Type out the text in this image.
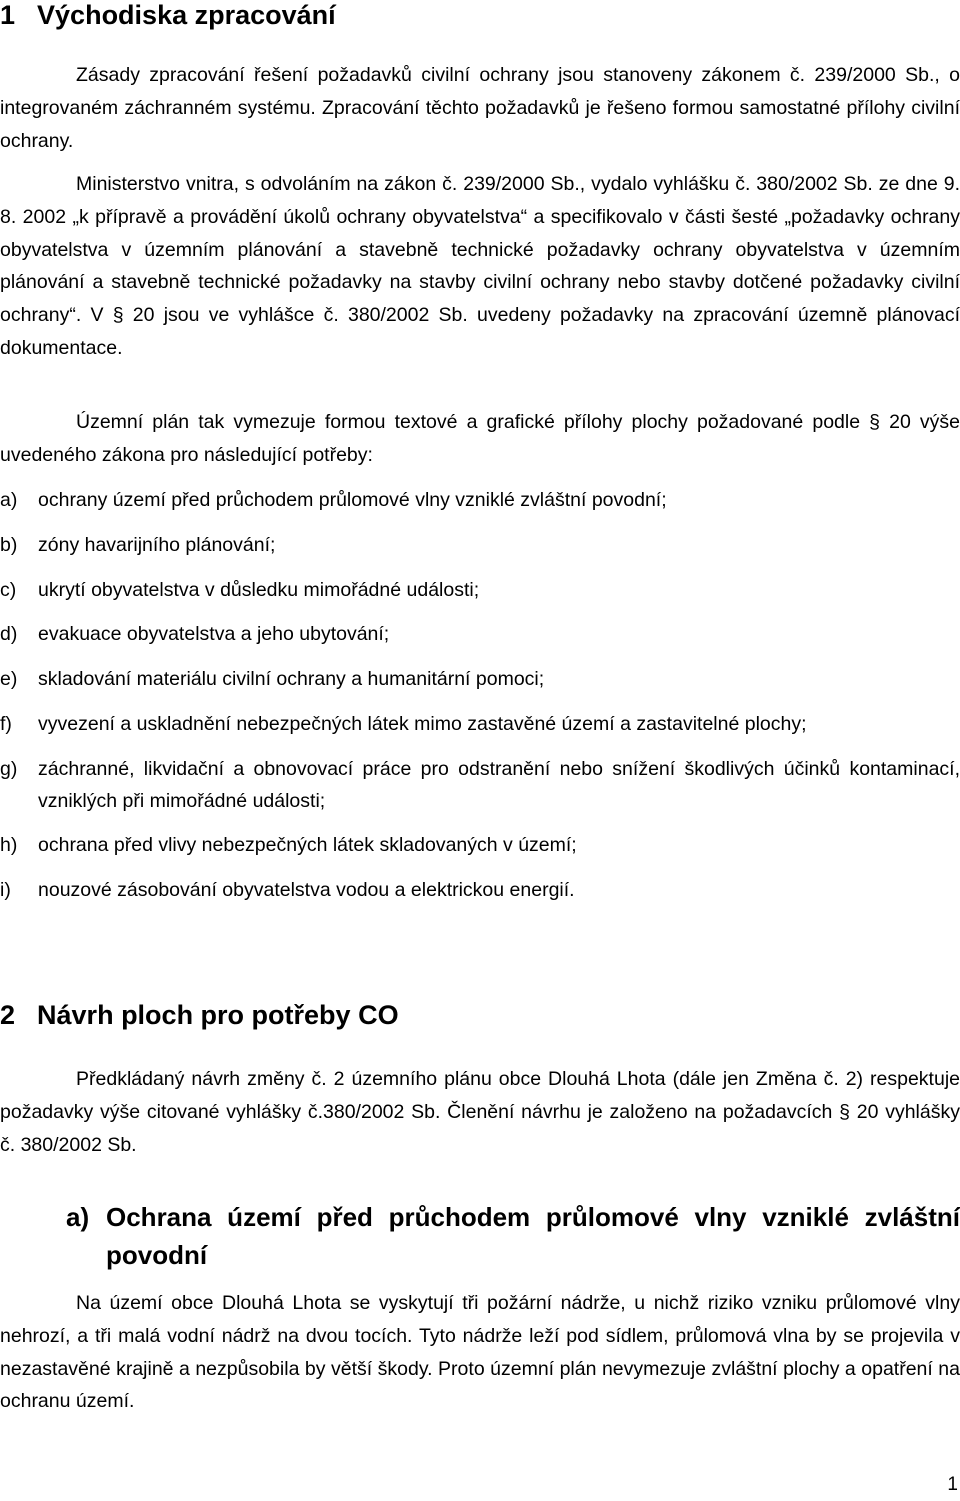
1 Východiska zpracování
Zásady zpracování řešení požadavků civilní ochrany jsou stanoveny zákonem č. 239/2000 Sb., o integrovaném záchranném systému. Zpracování těchto požadavků je řešeno formou samostatné přílohy civilní ochrany.
Ministerstvo vnitra, s odvoláním na zákon č. 239/2000 Sb., vydalo vyhlášku č. 380/2002 Sb. ze dne 9. 8. 2002 „k přípravě a provádění úkolů ochrany obyvatelstva“ a specifikovalo v části šesté „požadavky ochrany obyvatelstva v územním plánování a stavebně technické požadavky ochrany obyvatelstva v územním plánování a stavebně technické požadavky na stavby civilní ochrany nebo stavby dotčené požadavky civilní ochrany“. V § 20 jsou ve vyhlášce č. 380/2002 Sb. uvedeny požadavky na zpracování územně plánovací dokumentace.
Územní plán tak vymezuje formou textové a grafické přílohy plochy požadované podle § 20 výše uvedeného zákona pro následující potřeby:
a) ochrany území před průchodem průlomové vlny vzniklé zvláštní povodní;
b) zóny havarijního plánování;
c) ukrytí obyvatelstva v důsledku mimořádné události;
d) evakuace obyvatelstva a jeho ubytování;
e) skladování materiálu civilní ochrany a humanitární pomoci;
f) vyvezení a uskladnění nebezpečných látek mimo zastavěné území a zastavitelné plochy;
g) záchranné, likvidační a obnovovací práce pro odstranění nebo snížení škodlivých účinků kontaminací, vzniklých při mimořádné události;
h) ochrana před vlivy nebezpečných látek skladovaných v území;
i) nouzové zásobování obyvatelstva vodou a elektrickou energií.
2 Návrh ploch pro potřeby CO
Předkládaný návrh změny č. 2 územního plánu obce Dlouhá Lhota (dále jen Změna č. 2) respektuje požadavky výše citované vyhlášky č.380/2002 Sb. Členění návrhu je založeno na požadavcích § 20 vyhlášky č. 380/2002 Sb.
a) Ochrana území před průchodem průlomové vlny vzniklé zvláštní povodní
Na území obce Dlouhá Lhota se vyskytují tři požární nádrže, u nichž riziko vzniku průlomové vlny nehrozí, a tři malá vodní nádrž na dvou tocích. Tyto nádrže leží pod sídlem, průlomová vlna by se projevila v nezastavěné krajině a nezpůsobila by větší škody. Proto územní plán nevymezuje zvláštní plochy a opatření na ochranu území.
1
